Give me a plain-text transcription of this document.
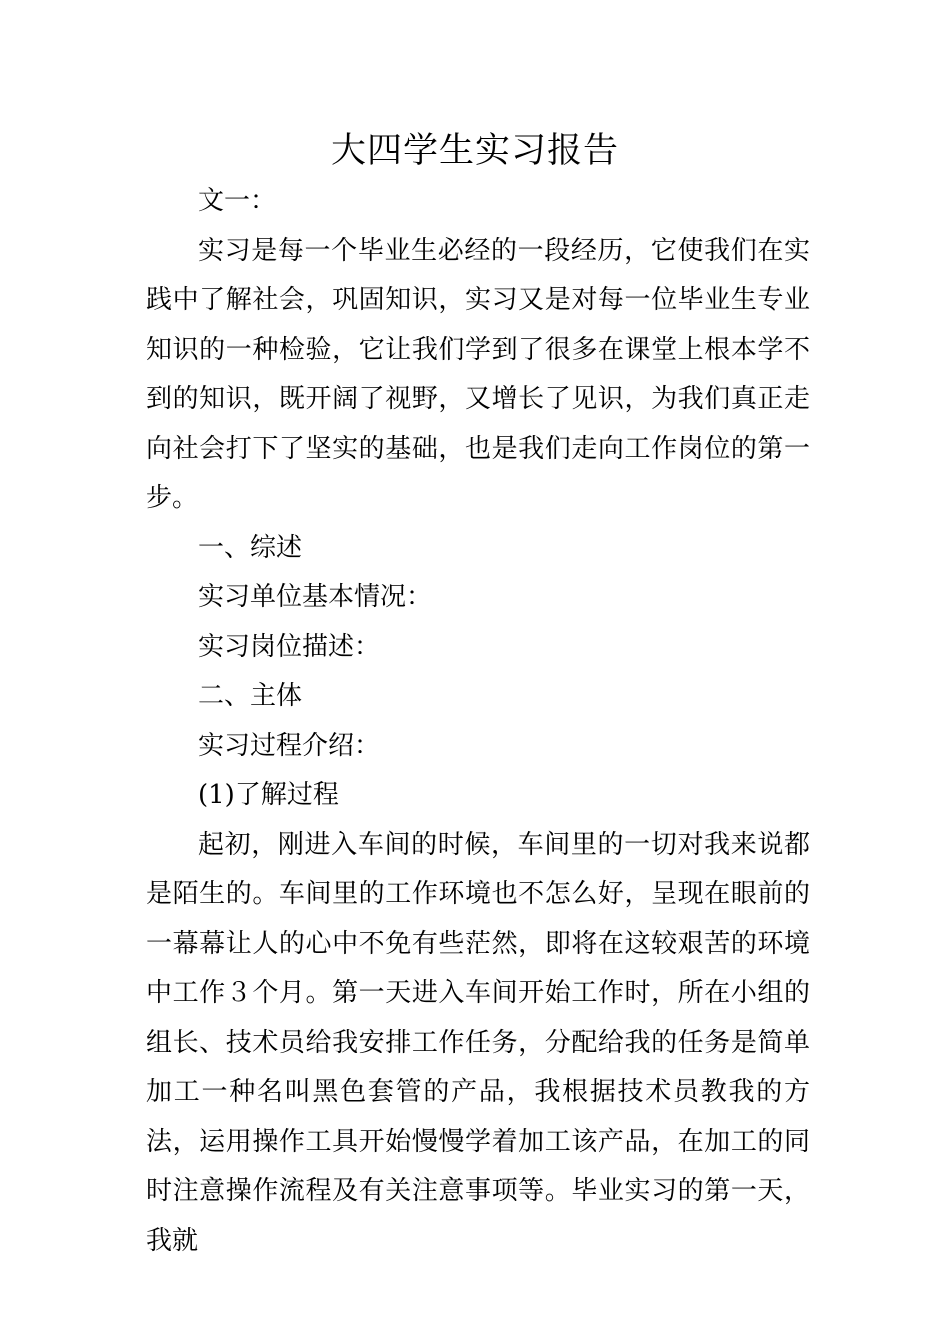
大四学生实习报告

文一：

实习是每一个毕业生必经的一段经历，它使我们在实践中了解社会，巩固知识，实习又是对每一位毕业生专业知识的一种检验，它让我们学到了很多在课堂上根本学不到的知识，既开阔了视野，又增长了见识，为我们真正走向社会打下了坚实的基础，也是我们走向工作岗位的第一步。

一、综述

实习单位基本情况：

实习岗位描述：

二、主体

实习过程介绍：

(1)了解过程

起初，刚进入车间的时候，车间里的一切对我来说都是陌生的。车间里的工作环境也不怎么好，呈现在眼前的一幕幕让人的心中不免有些茫然，即将在这较艰苦的环境中工作３个月。第一天进入车间开始工作时，所在小组的组长、技术员给我安排工作任务，分配给我的任务是简单加工一种名叫黑色套管的产品，我根据技术员教我的方法，运用操作工具开始慢慢学着加工该产品，在加工的同时注意操作流程及有关注意事项等。毕业实习的第一天，我就
